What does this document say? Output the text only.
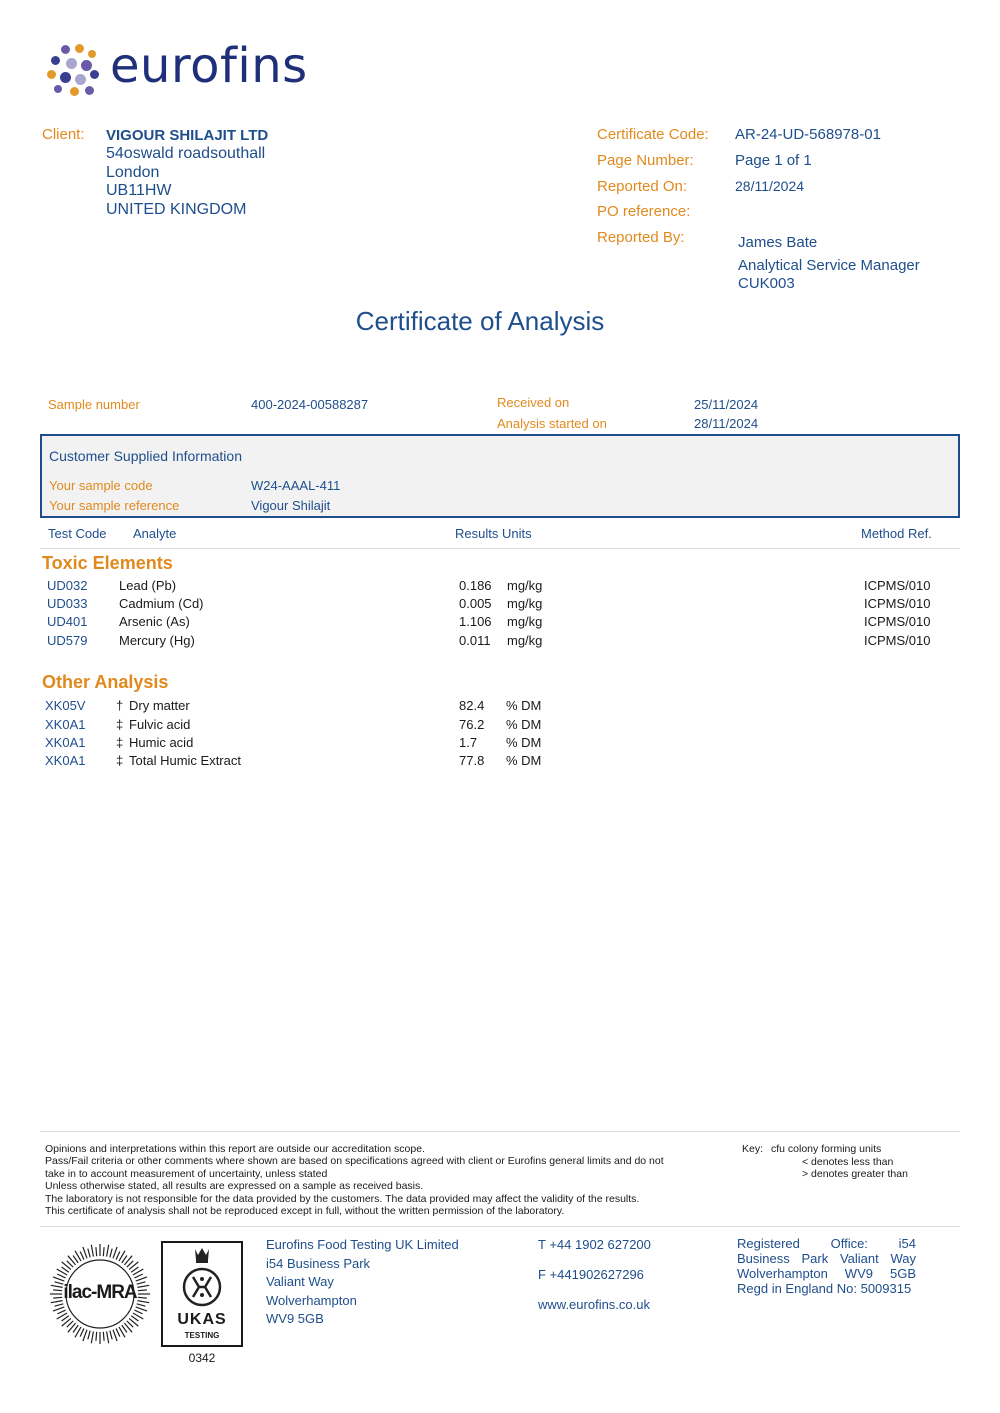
eurofins
Client: VIGOUR SHILAJIT LTD
54oswald roadsouthall
London
UB11HW
UNITED KINGDOM
Certificate Code: AR-24-UD-568978-01
Page Number:	Page 1 of 1
Reported On:	28/11/2024
PO reference:
Reported By:	James Bate
Analytical Service Manager
CUK003
Certificate of Analysis
Sample number	400-2024-00588287	Received on	25/11/2024
Analysis started on	28/11/2024
Customer Supplied Information
Your sample code	W24-AAAL-411
Your sample reference	Vigour Shilajit
Test Code Analyte	Results Units	Method Ref.
Toxic Elements
UD032 Lead (Pb)	0.186 mg/kg	ICPMS/010
UD033 Cadmium (Cd)	0.005 mg/kg	ICPMS/010
UD401 Arsenic (As)	1.106 mg/kg	ICPMS/010
UD579 Mercury (Hg)	0.011 mg/kg	ICPMS/010
Other Analysis
XK05V † Dry matter	82.4 % DM
XK0A1 ‡ Fulvic acid	76.2 % DM
XK0A1 ‡ Humic acid	1.7 % DM
XK0A1 ‡ Total Humic Extract	77.8 % DM
Opinions and interpretations within this report are outside our accreditation scope.
Pass/Fail criteria or other comments where shown are based on specifications agreed with client or Eurofins general limits and do not
take in to account measurement of uncertainty, unless stated
Unless otherwise stated, all results are expressed on a sample as received basis.
The laboratory is not responsible for the data provided by the customers. The data provided may affect the validity of the results.
This certificate of analysis shall not be reproduced except in full, without the written permission of the laboratory.
Key: cfu colony forming units
< denotes less than
> denotes greater than
ilac-MRA
UKAS
TESTING
0342
Eurofins Food Testing UK Limited
i54 Business Park
Valiant Way
Wolverhampton
WV9 5GB
T +44 1902 627200
F +441902627296
www.eurofins.co.uk
Registered Office: i54
Business Park Valiant Way
Wolverhampton WV9 5GB
Regd in England No: 5009315
